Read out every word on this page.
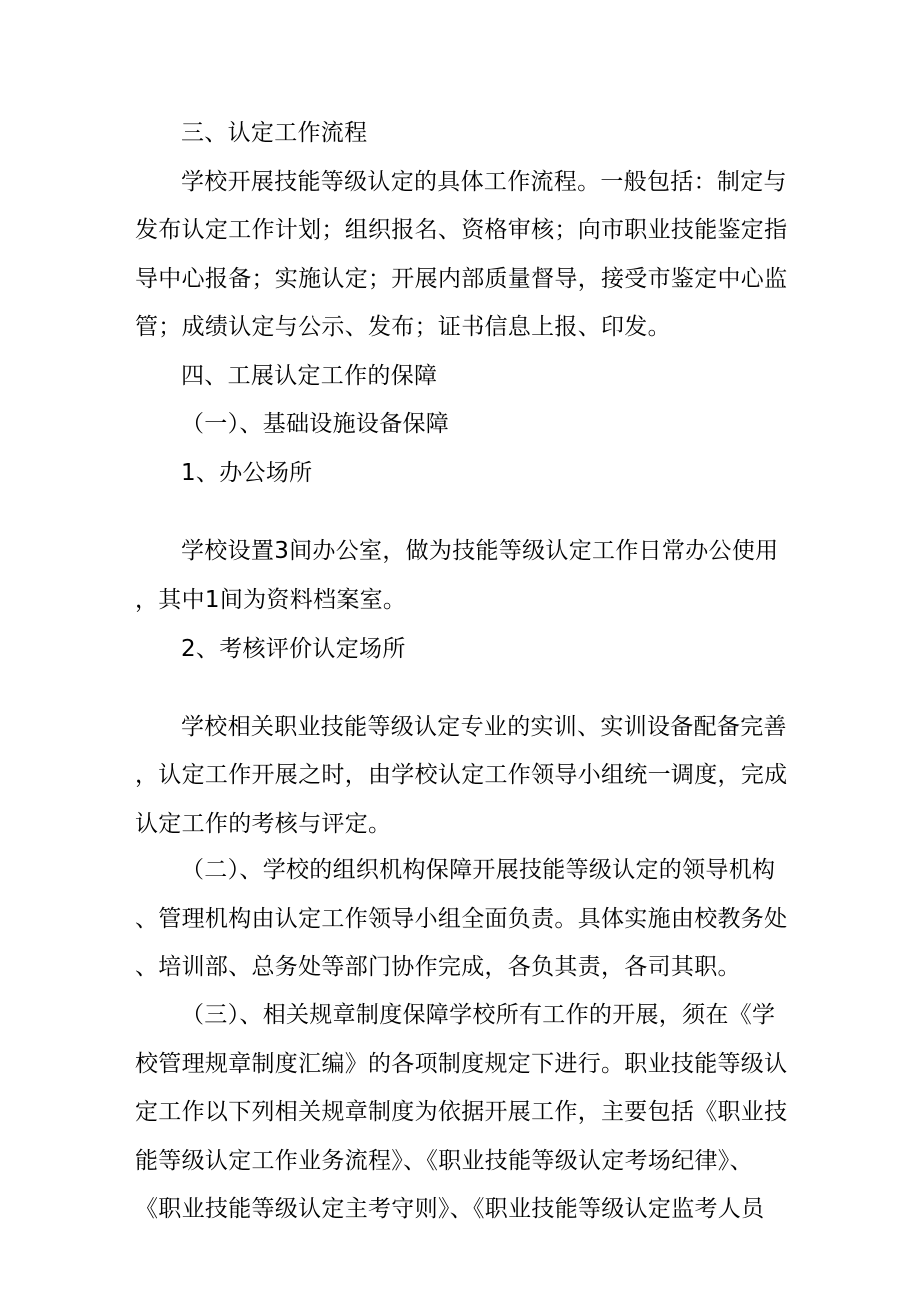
三、认定工作流程
学校开展技能等级认定的具体工作流程。一般包括：制定与
发布认定工作计划；组织报名、资格审核；向市职业技能鉴定指
导中心报备；实施认定；开展内部质量督导，接受市鉴定中心监
管；成绩认定与公示、发布；证书信息上报、印发。
四、工展认定工作的保障
（一）、基础设施设备保障
1、办公场所
学校设置3间办公室，做为技能等级认定工作日常办公使用
，其中1间为资料档案室。
2、考核评价认定场所
学校相关职业技能等级认定专业的实训、实训设备配备完善
，认定工作开展之时，由学校认定工作领导小组统一调度，完成
认定工作的考核与评定。
（二）、学校的组织机构保障开展技能等级认定的领导机构
、管理机构由认定工作领导小组全面负责。具体实施由校教务处
、培训部、总务处等部门协作完成，各负其责，各司其职。
（三）、相关规章制度保障学校所有工作的开展，须在《学
校管理规章制度汇编》的各项制度规定下进行。职业技能等级认
定工作以下列相关规章制度为依据开展工作，主要包括《职业技
能等级认定工作业务流程》、《职业技能等级认定考场纪律》、
《职业技能等级认定主考守则》、《职业技能等级认定监考人员
